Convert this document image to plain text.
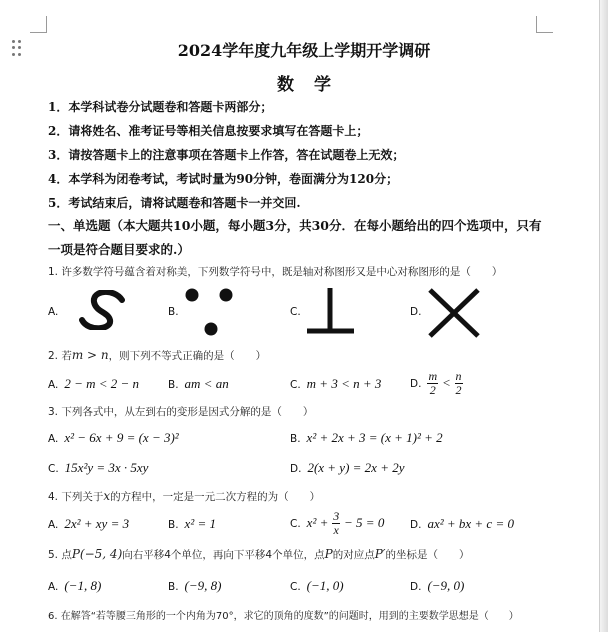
2024学年度九年级上学期开学调研
数学
1．本学科试卷分试题卷和答题卡两部分；
2．请将姓名、准考证号等相关信息按要求填写在答题卡上；
3．请按答题卡上的注意事项在答题卡上作答，答在试题卷上无效；
4．本学科为闭卷考试，考试时量为90分钟，卷面满分为120分；
5．考试结束后，请将试题卷和答题卡一并交回.
一、单选题（本大题共10小题，每小题3分，共30分．在每小题给出的四个选项中，只有
一项是符合题目要求的.）
1. 许多数学符号蕴含着对称美，下列数学符号中，既是轴对称图形又是中心对称图形的是（　　）
A.	B.	C.	D.
2. 若m > n，则下列不等式正确的是（　　）
A. 2 − m < 2 − n	B. am < an	C. m + 3 < n + 3	D. $\frac{m}{2} < \frac{n}{2}$
3. 下列各式中，从左到右的变形是因式分解的是（　　）
A. x² − 6x + 9 = (x − 3)²	B. x² + 2x + 3 = (x + 1)² + 2
C. 15x²y = 3x · 5xy	D. 2(x + y) = 2x + 2y
4. 下列关于x的方程中，一定是一元二次方程的为（　　）
A. 2x² + xy = 3	B. x² = 1	C. $x^2 + \frac{3}{x} - 5 = 0$ D. ax² + bx + c = 0
5. 点P(−5, 4)向右平移4个单位，再向下平移4个单位，点P的对应点P′的坐标是（　　）
A. (−1, 8)	B. (−9, 8)	C. (−1, 0)	D. (−9, 0)
6. 在解答“若等腰三角形的一个内角为70°，求它的顶角的度数”的问题时，用到的主要数学思想是（　　）
